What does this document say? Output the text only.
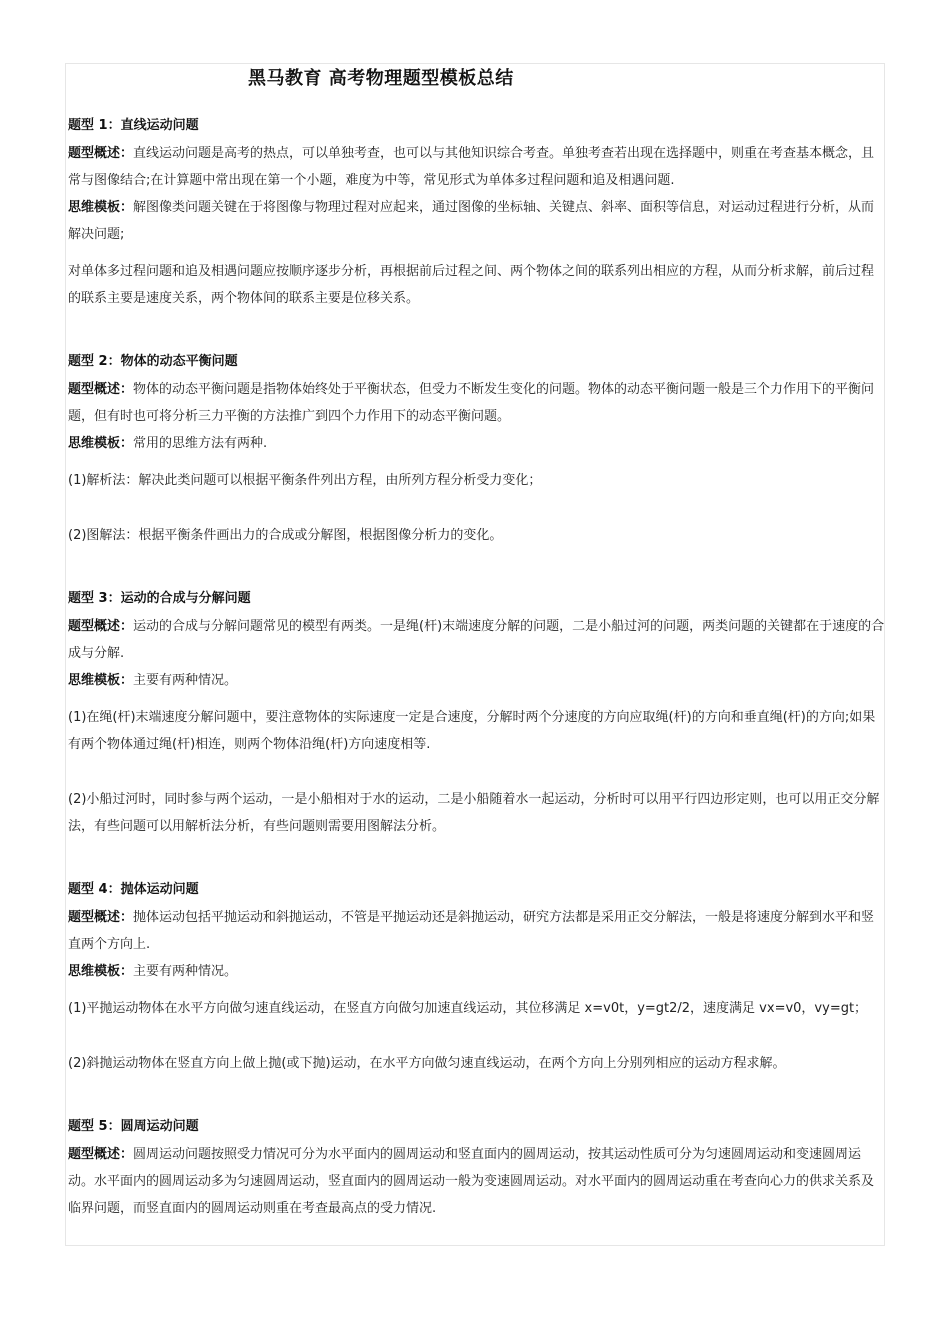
黑马教育 高考物理题型模板总结

题型 1：直线运动问题

题型概述：直线运动问题是高考的热点，可以单独考查，也可以与其他知识综合考查。单独考查若出现在选择题中，则重在考查基本概念，且常与图像结合;在计算题中常出现在第一个小题，难度为中等，常见形式为单体多过程问题和追及相遇问题.

思维模板：解图像类问题关键在于将图像与物理过程对应起来，通过图像的坐标轴、关键点、斜率、面积等信息，对运动过程进行分析，从而解决问题;

对单体多过程问题和追及相遇问题应按顺序逐步分析，再根据前后过程之间、两个物体之间的联系列出相应的方程，从而分析求解，前后过程的联系主要是速度关系，两个物体间的联系主要是位移关系。

题型 2：物体的动态平衡问题

题型概述：物体的动态平衡问题是指物体始终处于平衡状态，但受力不断发生变化的问题。物体的动态平衡问题一般是三个力作用下的平衡问题，但有时也可将分析三力平衡的方法推广到四个力作用下的动态平衡问题。

思维模板：常用的思维方法有两种.

(1)解析法：解决此类问题可以根据平衡条件列出方程，由所列方程分析受力变化；

(2)图解法：根据平衡条件画出力的合成或分解图，根据图像分析力的变化。

题型 3：运动的合成与分解问题

题型概述：运动的合成与分解问题常见的模型有两类。一是绳(杆)末端速度分解的问题，二是小船过河的问题，两类问题的关键都在于速度的合成与分解.

思维模板：主要有两种情况。

(1)在绳(杆)末端速度分解问题中，要注意物体的实际速度一定是合速度，分解时两个分速度的方向应取绳(杆)的方向和垂直绳(杆)的方向;如果有两个物体通过绳(杆)相连，则两个物体沿绳(杆)方向速度相等.

(2)小船过河时，同时参与两个运动，一是小船相对于水的运动，二是小船随着水一起运动，分析时可以用平行四边形定则，也可以用正交分解法，有些问题可以用解析法分析，有些问题则需要用图解法分析。

题型 4：抛体运动问题

题型概述：抛体运动包括平抛运动和斜抛运动，不管是平抛运动还是斜抛运动，研究方法都是采用正交分解法，一般是将速度分解到水平和竖直两个方向上.

思维模板：主要有两种情况。

(1)平抛运动物体在水平方向做匀速直线运动，在竖直方向做匀加速直线运动，其位移满足 x=v0t，y=gt2/2，速度满足 vx=v0，vy=gt；

(2)斜抛运动物体在竖直方向上做上抛(或下抛)运动，在水平方向做匀速直线运动，在两个方向上分别列相应的运动方程求解。

题型 5：圆周运动问题

题型概述：圆周运动问题按照受力情况可分为水平面内的圆周运动和竖直面内的圆周运动，按其运动性质可分为匀速圆周运动和变速圆周运动。水平面内的圆周运动多为匀速圆周运动，竖直面内的圆周运动一般为变速圆周运动。对水平面内的圆周运动重在考查向心力的供求关系及临界问题，而竖直面内的圆周运动则重在考查最高点的受力情况.
